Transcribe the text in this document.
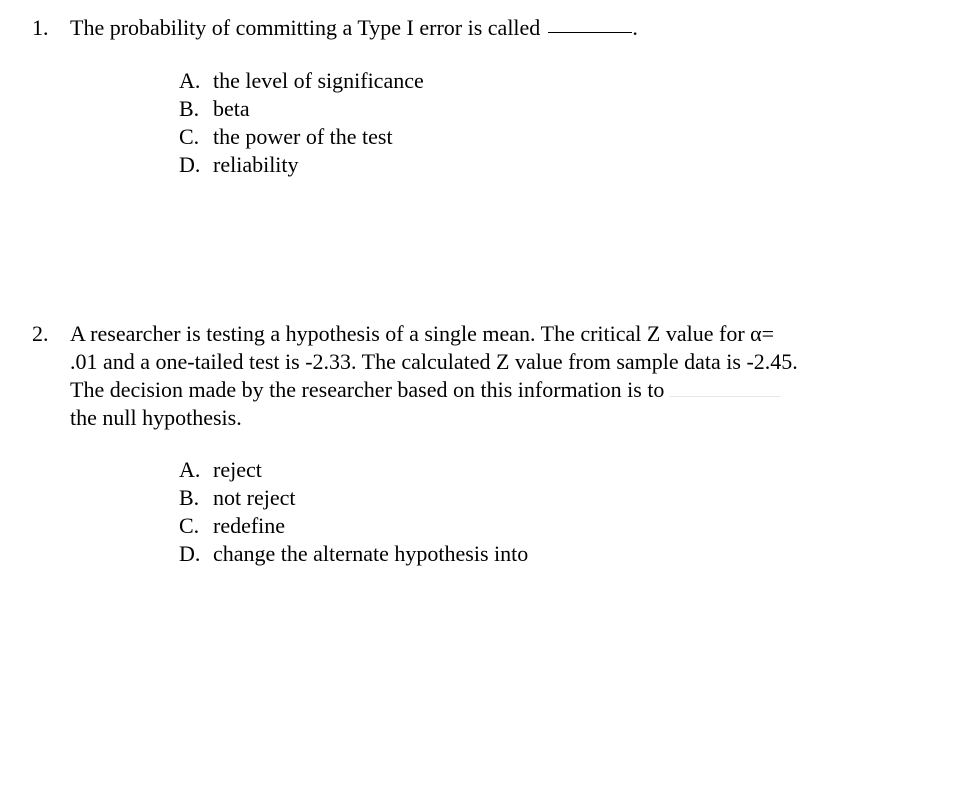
1. The probability of committing a Type I error is called	.
A. the level of significance
B. beta
C. the power of the test
D. reliability
2. A researcher is testing a hypothesis of a single mean. The critical Z value for α=
.01 and a one-tailed test is -2.33. The calculated Z value from sample data is -2.45.
The decision made by the researcher based on this information is to
the null hypothesis.
A. reject
B. not reject
C. redefine
D. change the alternate hypothesis into
